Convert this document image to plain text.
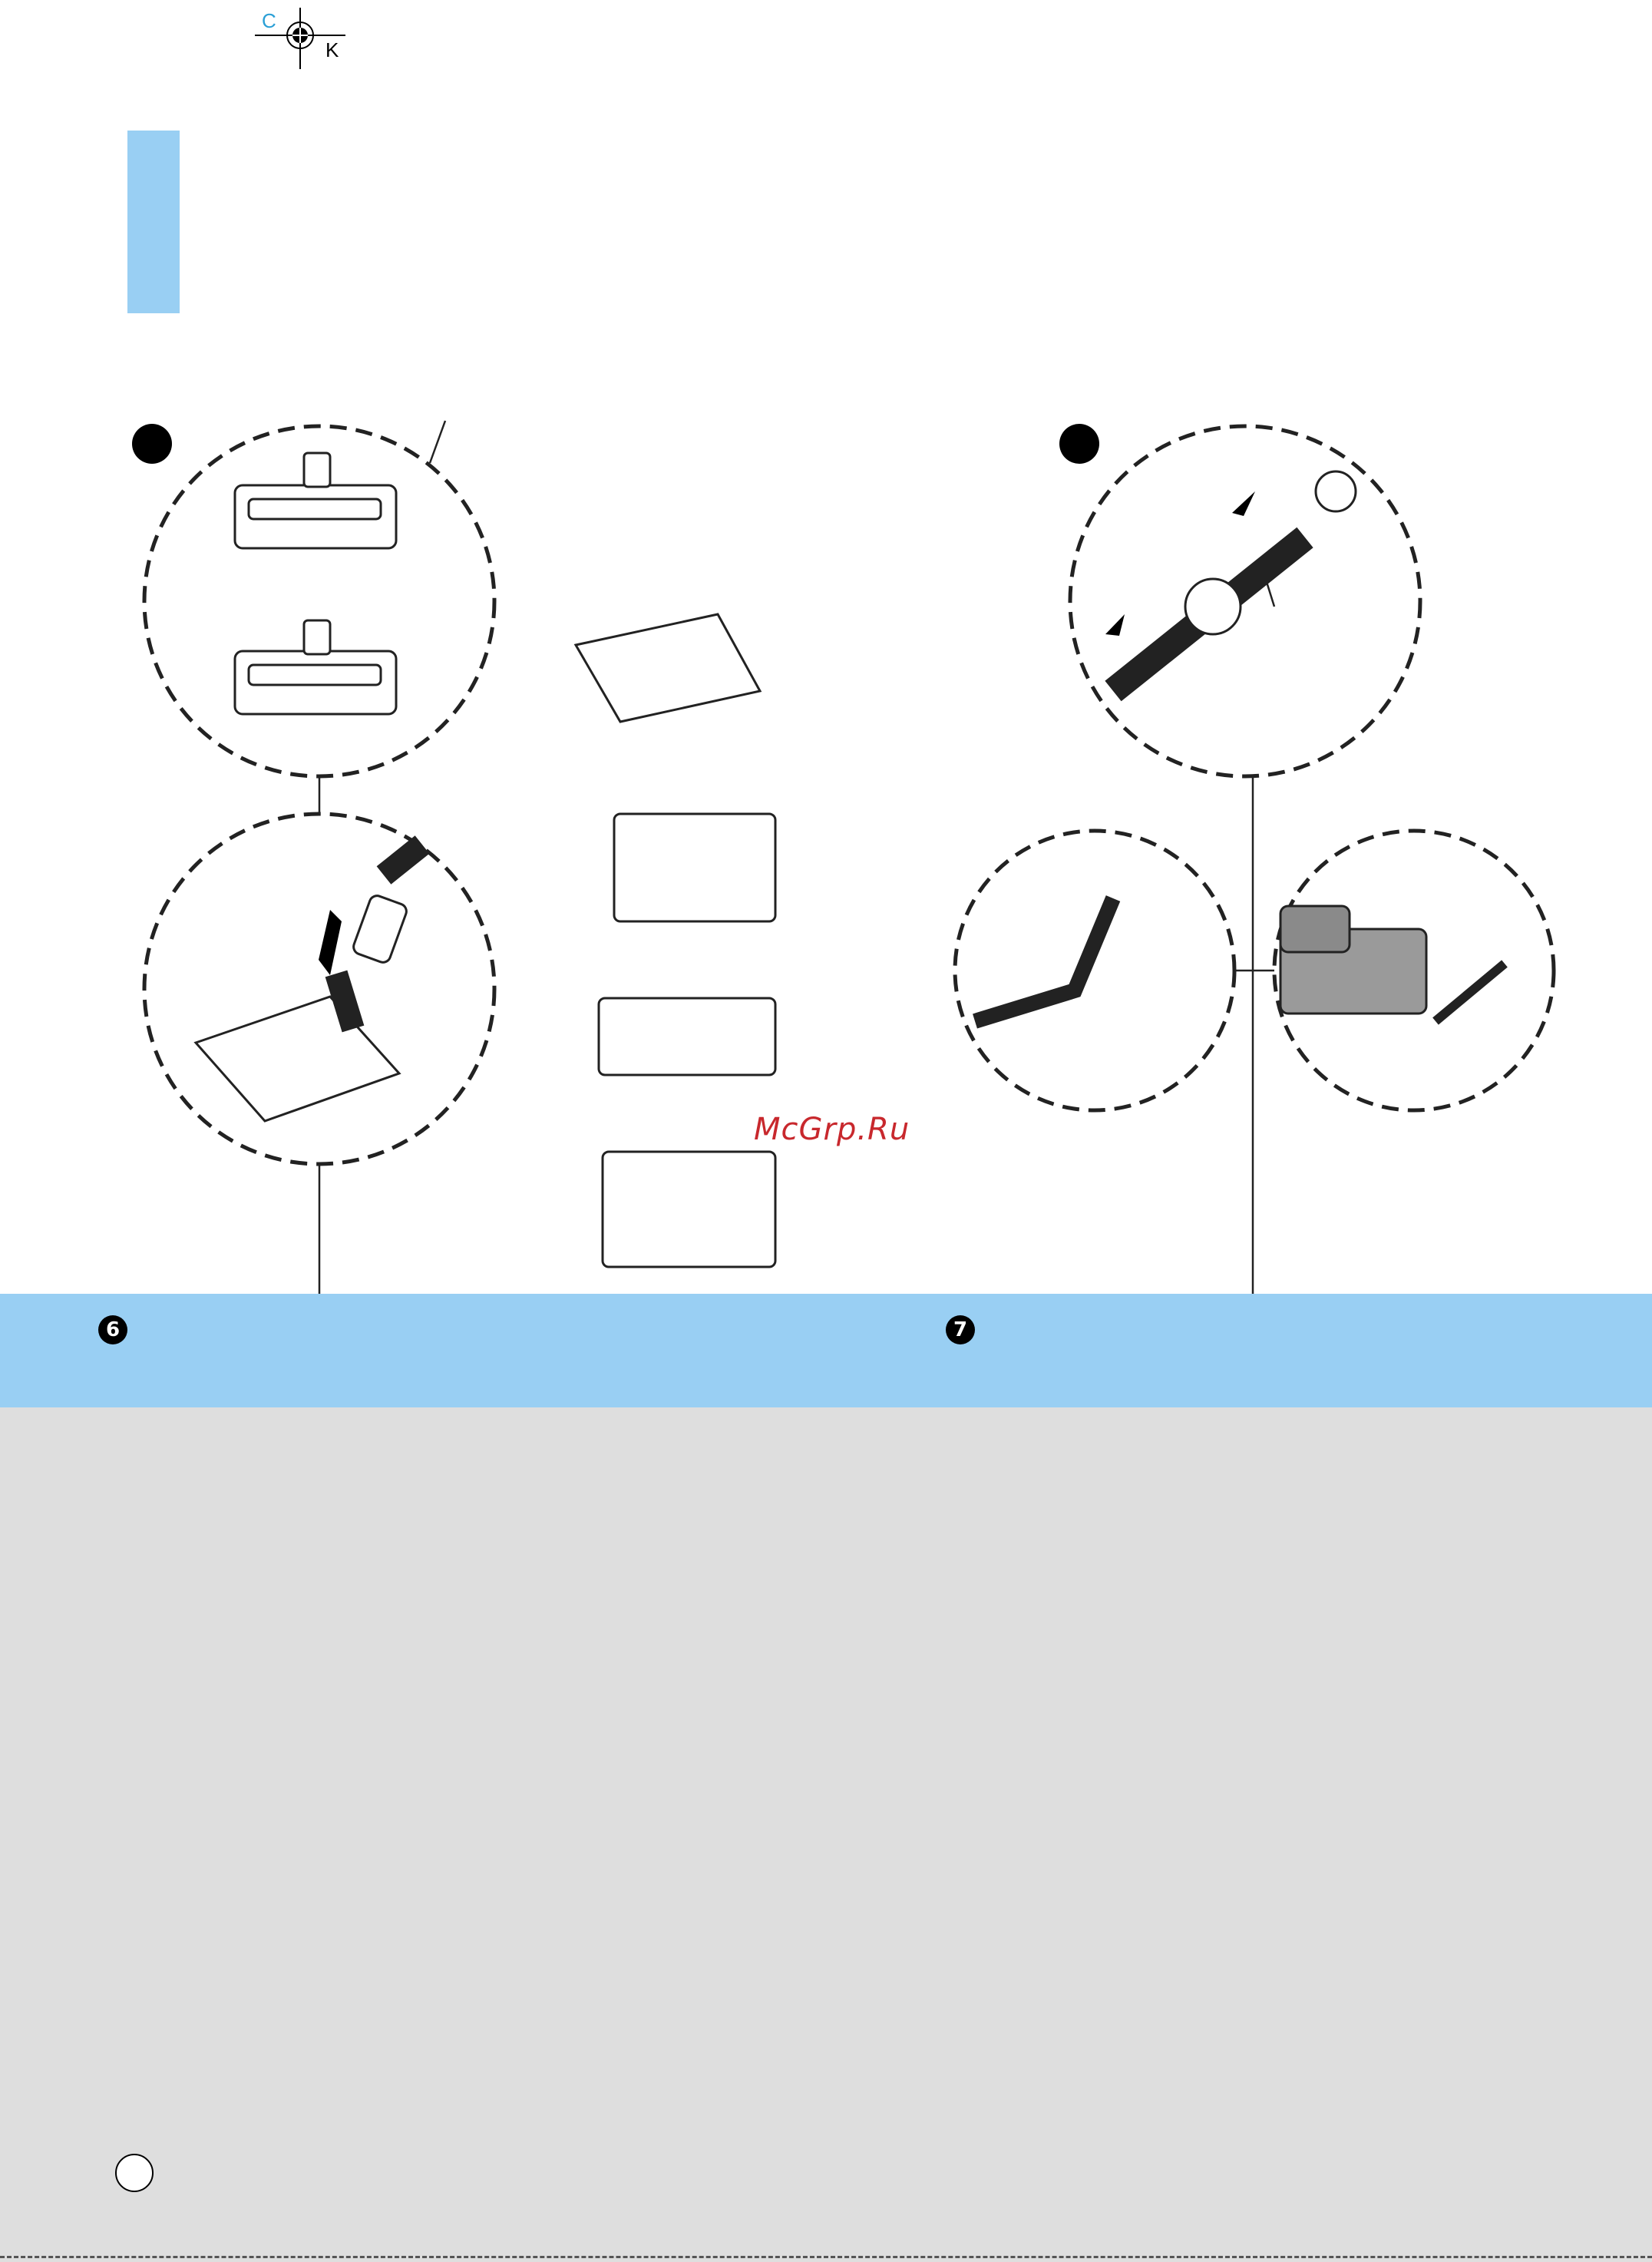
C
K
McGrp.Ru
6	7
